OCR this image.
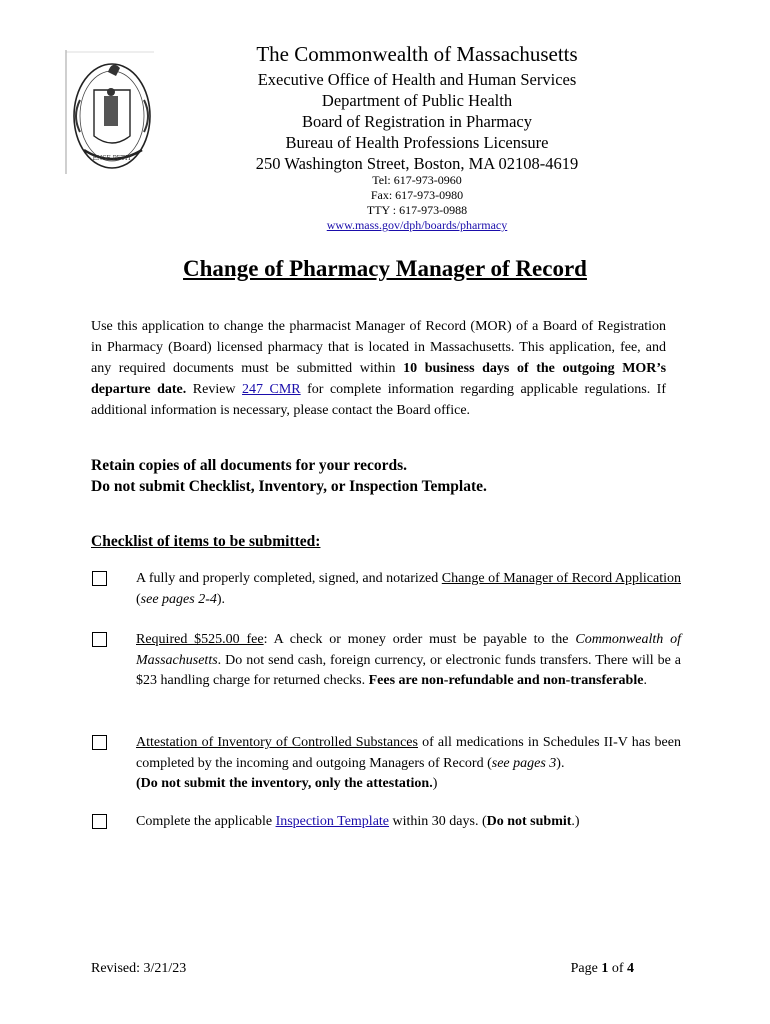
ENSE PETIT
The Commonwealth of Massachusetts
Executive Office of Health and Human Services
Department of Public Health
Board of Registration in Pharmacy
Bureau of Health Professions Licensure
250 Washington Street, Boston, MA 02108-4619
Tel: 617-973-0960
Fax: 617-973-0980
TTY : 617-973-0988
www.mass.gov/dph/boards/pharmacy
Change of Pharmacy Manager of Record
Use this application to change the pharmacist Manager of Record (MOR) of a Board of Registration in Pharmacy (Board) licensed pharmacy that is located in Massachusetts. This application, fee, and any required documents must be submitted within 10 business days of the outgoing MOR’s departure date. Review 247 CMR for complete information regarding applicable regulations. If additional information is necessary, please contact the Board office.
Retain copies of all documents for your records.
Do not submit Checklist, Inventory, or Inspection Template.
Checklist of items to be submitted:
A fully and properly completed, signed, and notarized Change of Manager of Record Application (see pages 2-4).
Required $525.00 fee: A check or money order must be payable to the Commonwealth of Massachusetts. Do not send cash, foreign currency, or electronic funds transfers. There will be a $23 handling charge for returned checks. Fees are non-refundable and non-transferable.
Attestation of Inventory of Controlled Substances of all medications in Schedules II-V has been completed by the incoming and outgoing Managers of Record (see pages 3).
(Do not submit the inventory, only the attestation.)
Complete the applicable Inspection Template within 30 days. (Do not submit.)
Revised: 3/21/23	Page 1 of 4
